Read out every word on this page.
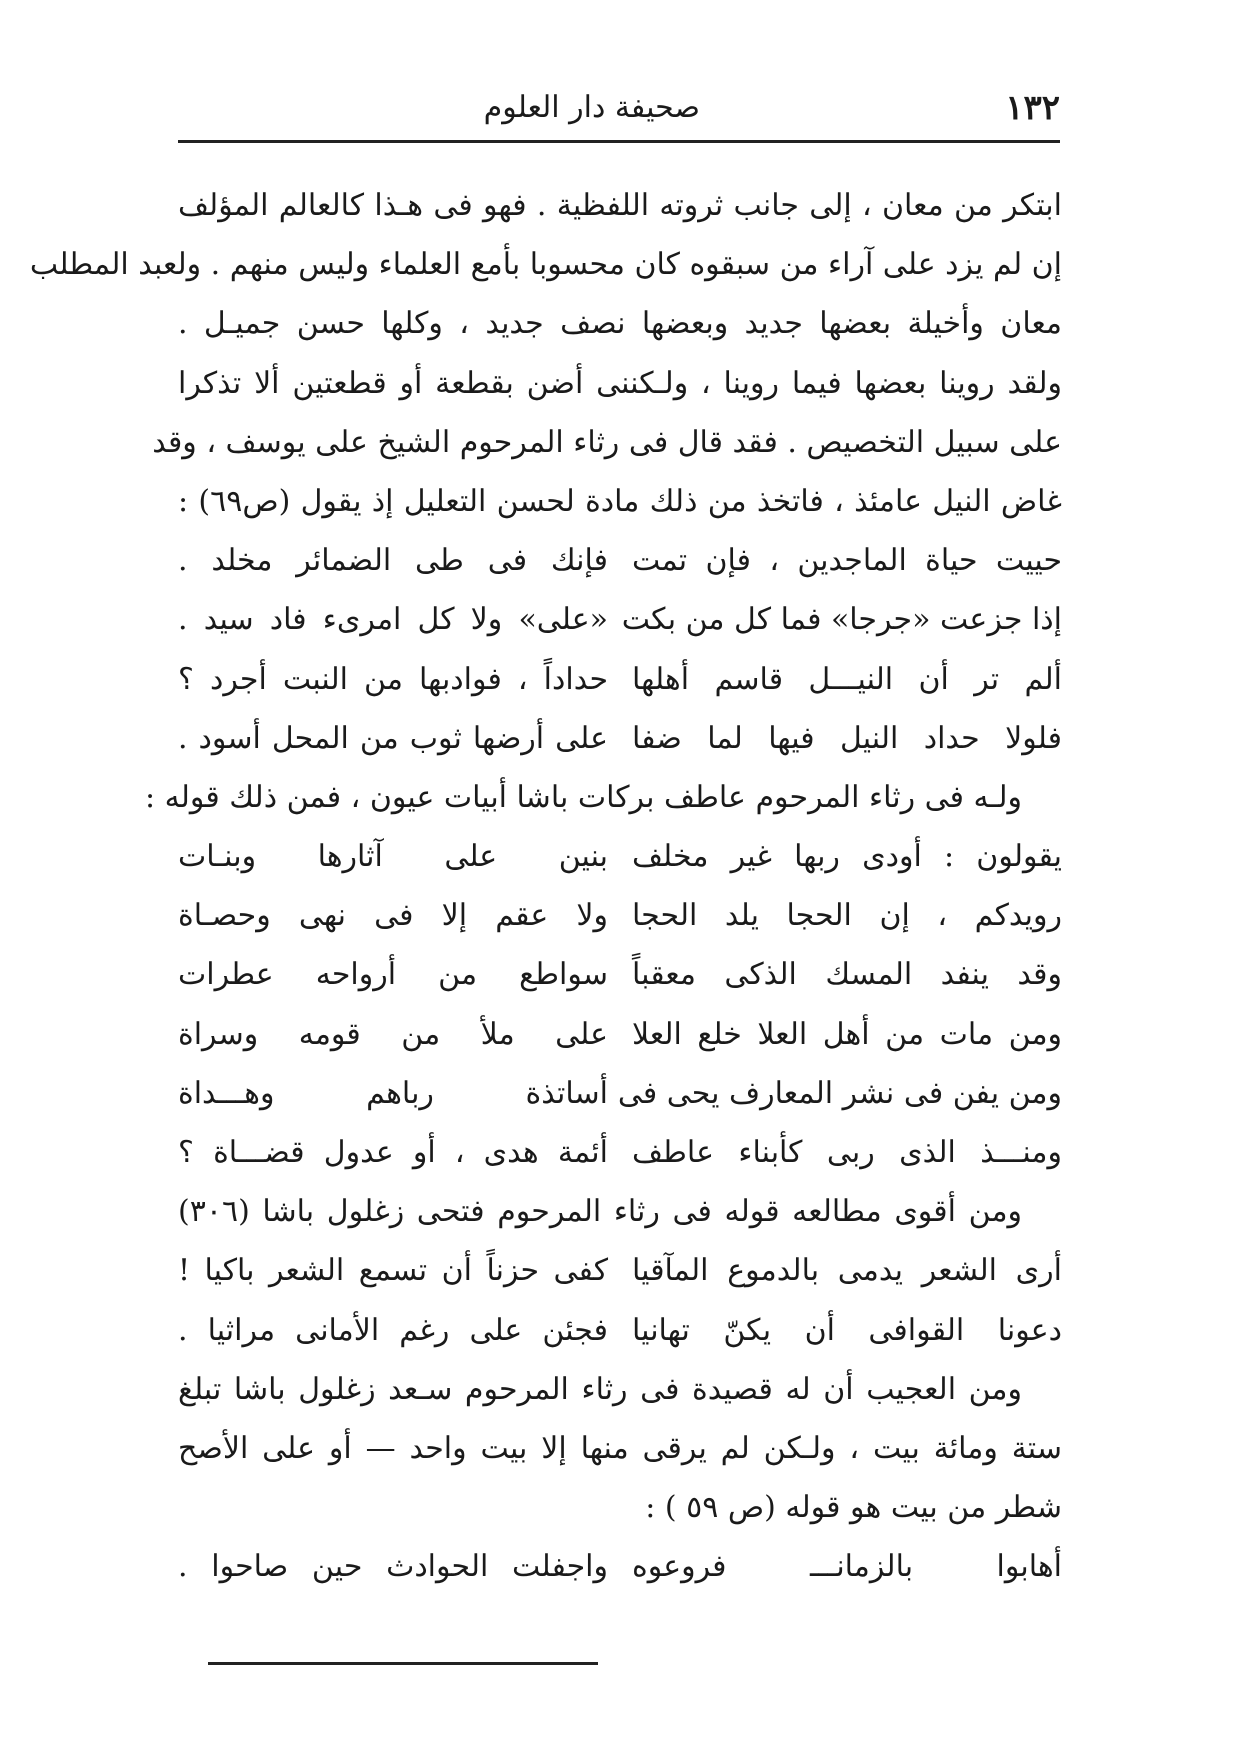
١٣٢
صحيفة دار العلوم
ابتكر من معان ، إلى جانب ثروته اللفظية . فهو فى هـذا كالعالم المؤلف
إن لم يزد على آراء من سبقوه كان محسوبا بأمع العلماء وليس منهم . ولعبد المطلب
معان وأخيلة بعضها جديد وبعضها نصف جديد ، وكلها حسن جميـل .
ولقد روينا بعضها فيما روينا ، ولـكننى أضن بقطعة أو قطعتين ألا تذكرا
على سبيل التخصيص . فقد قال فى رثاء المرحوم الشيخ على يوسف ، وقد
غاض النيل عامئذ ، فاتخذ من ذلك مادة لحسن التعليل إذ يقول (ص٦٩) :
حييت حياة الماجدين ، فإن تمت
فإنك فى طى الضمائر مخلد .
إذا جزعت «جرجا» فما كل من بكت
«على» ولا كل امرىء فاد سيد .
ألم تر أن النيـــل قاسم أهلها
حداداً ، فوادبها من النبت أجرد ؟
فلولا حداد النيل فيها لما ضفا
على أرضها ثوب من المحل أسود .
ولـه فى رثاء المرحوم عاطف بركات باشا أبيات عيون ، فمن ذلك قوله :
يقولون : أودى ربها غير مخلف
بنين على آثارها وبنـات
رويدكم ، إن الحجا يلد الحجا
ولا عقم إلا فى نهى وحصـاة
وقد ينفد المسك الذكى معقباً
سواطع من أرواحه عطرات
ومن مات من أهل العلا خلع العلا
على ملأ من قومه وسراة
ومن يفن فى نشر المعارف يحى فى
أساتذة رباهم وهـــداة
ومنـــذ الذى ربى كأبناء عاطف
أئمة هدى ، أو عدول قضـــاة ؟
ومن أقوى مطالعه قوله فى رثاء المرحوم فتحى زغلول باشا (٣٠٦)
أرى الشعر يدمى بالدموع المآقيا
كفى حزناً أن تسمع الشعر باكيا !
دعونا القوافى أن يكنّ تهانيا
فجئن على رغم الأمانى مراثيا .
ومن العجيب أن له قصيدة فى رثاء المرحوم سـعد زغلول باشا تبلغ
ستة ومائة بيت ، ولـكن لم يرقى منها إلا بيت واحد — أو على الأصح
شطر من بيت هو قوله (ص ٥٩ ) :
أهابوا بالزمانـــ فروعوه
واجفلت الحوادث حين صاحوا .
